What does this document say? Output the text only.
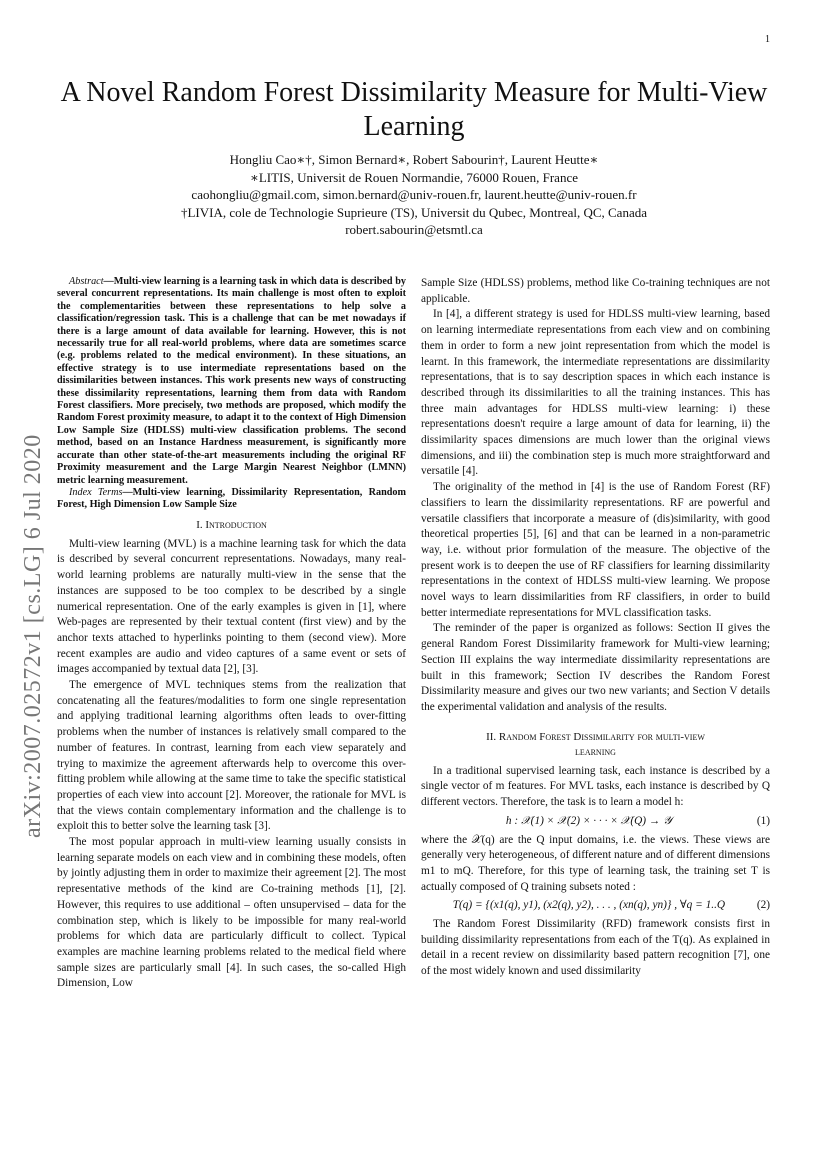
1
arXiv:2007.02572v1 [cs.LG] 6 Jul 2020
A Novel Random Forest Dissimilarity Measure for Multi-View Learning
Hongliu Cao∗†, Simon Bernard∗, Robert Sabourin†, Laurent Heutte∗
∗LITIS, Universit de Rouen Normandie, 76000 Rouen, France
caohongliu@gmail.com, simon.bernard@univ-rouen.fr, laurent.heutte@univ-rouen.fr
†LIVIA, cole de Technologie Suprieure (TS), Universit du Qubec, Montreal, QC, Canada
robert.sabourin@etsmtl.ca

Abstract—Multi-view learning is a learning task in which data is described by several concurrent representations. Its main challenge is most often to exploit the complementarities between these representations to help solve a classification/regression task. This is a challenge that can be met nowadays if there is a large amount of data available for learning. However, this is not necessarily true for all real-world problems, where data are sometimes scarce (e.g. problems related to the medical environment). In these situations, an effective strategy is to use intermediate representations based on the dissimilarities between instances. This work presents new ways of constructing these dissimilarity representations, learning them from data with Random Forest classifiers. More precisely, two methods are proposed, which modify the Random Forest proximity measure, to adapt it to the context of High Dimension Low Sample Size (HDLSS) multi-view classification problems. The second method, based on an Instance Hardness measurement, is significantly more accurate than other state-of-the-art measurements including the original RF Proximity measurement and the Large Margin Nearest Neighbor (LMNN) metric learning measurement.

Index Terms—Multi-view learning, Dissimilarity Representation, Random Forest, High Dimension Low Sample Size

I. Introduction

Multi-view learning (MVL) is a machine learning task for which the data is described by several concurrent representations. Nowadays, many real-world learning problems are naturally multi-view in the sense that the instances are supposed to be too complex to be described by a single numerical representation. One of the early examples is given in [1], where Web-pages are represented by their textual content (first view) and by the anchor texts attached to hyperlinks pointing to them (second view). More recent examples are audio and video captures of a same event or sets of images accompanied by textual data [2], [3].

The emergence of MVL techniques stems from the realization that concatenating all the features/modalities to form one single representation and applying traditional learning algorithms often leads to over-fitting problems when the number of instances is relatively small compared to the number of features. In contrast, learning from each view separately and trying to maximize the agreement afterwards help to overcome this over-fitting problem while allowing at the same time to take the specific statistical properties of each view into account [2]. Moreover, the rationale for MVL is that the views contain complementary information and the challenge is to exploit this to better solve the learning task [3].

The most popular approach in multi-view learning usually consists in learning separate models on each view and in combining these models, often by jointly adjusting them in order to maximize their agreement [2]. The most representative methods of the kind are Co-training methods [1], [2]. However, this requires to use additional – often unsupervised – data for the combination step, which is likely to be impossible for many real-world problems for which data are particularly difficult to collect. Typical examples are machine learning problems related to the medical field where sample sizes are particularly small [4]. In such cases, the so-called High Dimension, Low

Sample Size (HDLSS) problems, method like Co-training techniques are not applicable.

In [4], a different strategy is used for HDLSS multi-view learning, based on learning intermediate representations from each view and on combining them in order to form a new joint representation from which the model is learnt. In this framework, the intermediate representations are dissimilarity representations, that is to say description spaces in which each instance is described through its dissimilarities to all the training instances. This has three main advantages for HDLSS multi-view learning: i) these representations doesn't require a large amount of data for learning, ii) the dissimilarity spaces dimensions are much lower than the original views dimensions, and iii) the combination step is much more straightforward and versatile [4].

The originality of the method in [4] is the use of Random Forest (RF) classifiers to learn the dissimilarity representations. RF are powerful and versatile classifiers that incorporate a measure of (dis)similarity, with good theoretical properties [5], [6] and that can be learned in a non-parametric way, i.e. without prior formulation of the measure. The objective of the present work is to deepen the use of RF classifiers for learning dissimilarity representations in the context of HDLSS multi-view learning. We propose novel ways to learn dissimilarities from RF classifiers, in order to build better intermediate representations for MVL classification tasks.

The reminder of the paper is organized as follows: Section II gives the general Random Forest Dissimilarity framework for Multi-view learning; Section III explains the way intermediate dissimilarity representations are built in this framework; Section IV describes the Random Forest Dissimilarity measure and gives our two new variants; and Section V details the experimental validation and analysis of the results.

II. Random Forest Dissimilarity for multi-view
learning

In a traditional supervised learning task, each instance is described by a single vector of m features. For MVL tasks, each instance is described by Q different vectors. Therefore, the task is to learn a model h:

h : 𝒳(1) × 𝒳(2) × · · · × 𝒳(Q) → 𝒴	(1)

where the 𝒳(q) are the Q input domains, i.e. the views. These views are generally very heterogeneous, of different nature and of different dimensions m1 to mQ. Therefore, for this type of learning task, the training set T is actually composed of Q training subsets noted :

T(q) = {(x1(q), y1), (x2(q), y2), . . . , (xn(q), yn)} , ∀q = 1..Q	(2)

The Random Forest Dissimilarity (RFD) framework consists first in building dissimilarity representations from each of the T(q). As explained in detail in a recent review on dissimilarity based pattern recognition [7], one of the most widely known and used dissimilarity
